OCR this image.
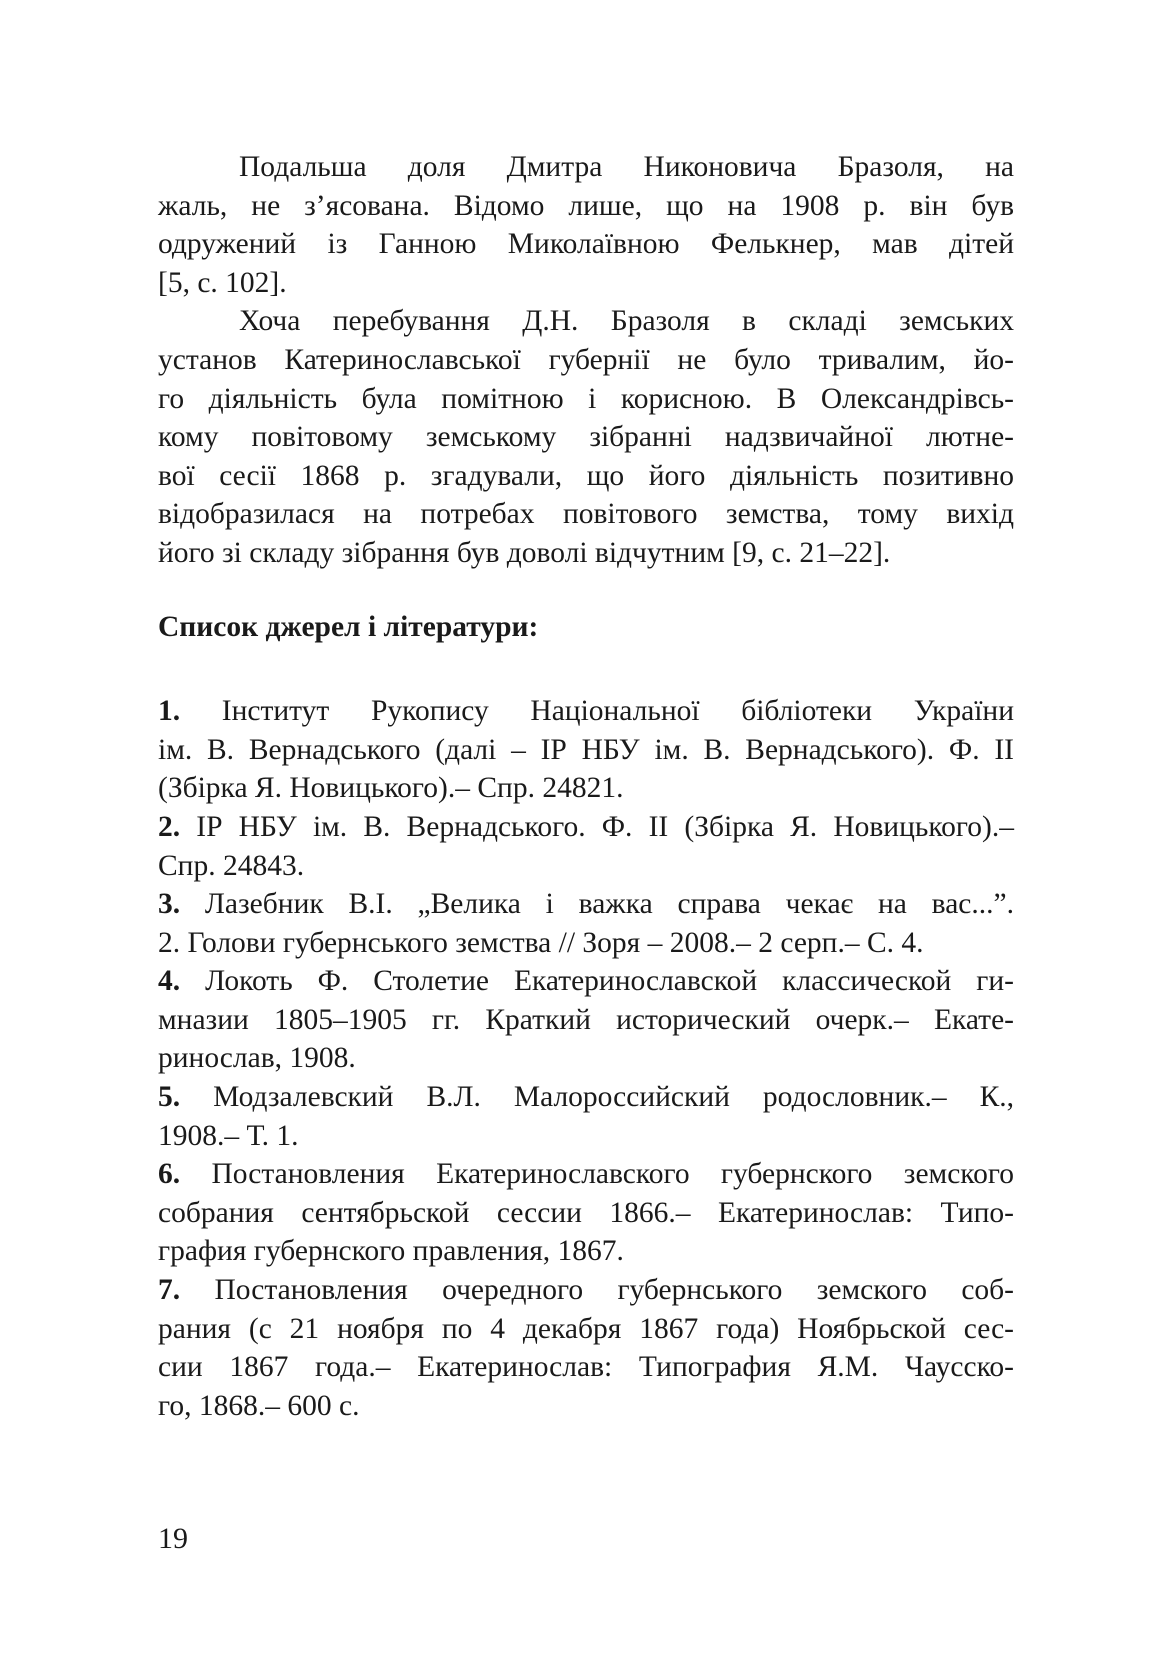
Подальша доля Дмитра Никоновича Бразоля, на
жаль, не з’ясована. Відомо лише, що на 1908 р. він був
одружений із Ганною Миколаївною Фелькнер, мав дітей
[5, с. 102].

Хоча перебування Д.Н. Бразоля в складі земських
установ Катеринославської губернії не було тривалим, йо-
го діяльність була помітною і корисною. В Олександрівсь-
кому повітовому земському зібранні надзвичайної лютне-
вої сесії 1868 р. згадували, що його діяльність позитивно
відобразилася на потребах повітового земства, тому вихід
його зі складу зібрання був доволі відчутним [9, с. 21–22].

Список джерел і літератури:

1. Інститут Рукопису Національної бібліотеки України
ім. В. Вернадського (далі – ІР НБУ ім. В. Вернадського). Ф. ІІ
(Збірка Я. Новицького).– Спр. 24821.

2. ІР НБУ ім. В. Вернадського. Ф. ІІ (Збірка Я. Новицького).–
Спр. 24843.

3. Лазебник В.І. „Велика і важка справа чекає на вас...”.
2. Голови губернського земства // Зоря – 2008.– 2 серп.– С. 4.

4. Локоть Ф. Столетие Екатеринославской классической ги-
мназии 1805–1905 гг. Краткий исторический очерк.– Екате-
ринослав, 1908.

5. Модзалевский В.Л. Малороссийский родословник.– К.,
1908.– Т. 1.

6. Постановления Екатеринославского губернского земского
собрания сентябрьской сессии 1866.– Екатеринослав: Типо-
графия губернского правления, 1867.

7. Постановления очередного губернського земского соб-
рания (с 21 ноября по 4 декабря 1867 года) Ноябрьской сес-
сии 1867 года.– Екатеринослав: Типография Я.М. Чаусско-
го, 1868.– 600 с.

19
